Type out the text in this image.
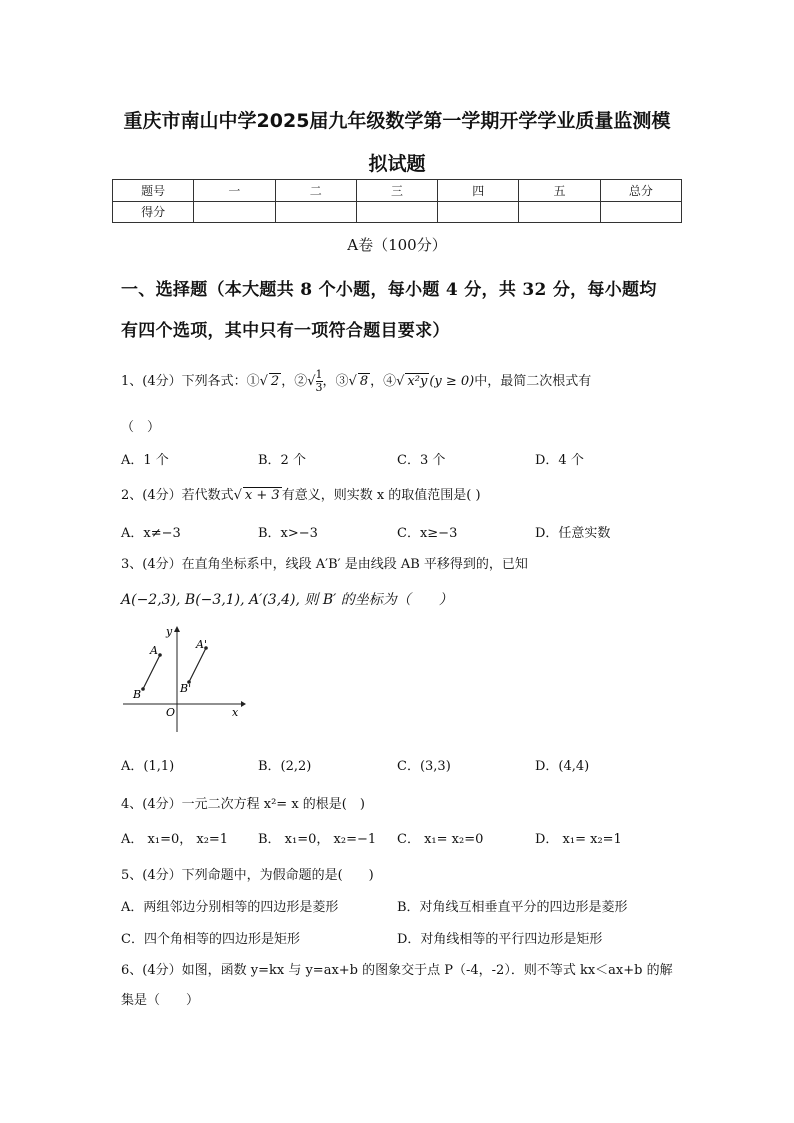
重庆市南山中学2025届九年级数学第一学期开学学业质量监测模
拟试题
题号	一	二	三	四	五	总分
得分						
A卷（100分）
一、选择题（本大题共 8 个小题，每小题 4 分，共 32 分，每小题均
有四个选项，其中只有一项符合题目要求）
1、(4分）下列各式：①√ 2 ，②√ $\frac{1}{3}$ ，③√ 8 ，④√ x²y (y ≥ 0)中，最简二次根式有
（　）
A．1 个	B．2 个	C．3 个	D．4 个
2、(4分）若代数式√ x + 3 有意义，则实数 x 的取值范围是( )
A．x≠−3	B．x>−3	C．x≥−3	D．任意实数
3、(4分）在直角坐标系中，线段 A′B′ 是由线段 AB 平移得到的，已知
A(−2,3), B(−3,1), A′(3,4), 则 B′ 的坐标为（　　）
y
x
O
A
B
A'
B'
A．(1,1)	B．(2,2)	C．(3,3)	D．(4,4)
4、(4分）一元二次方程 x²= x 的根是(　)
A． x₁=0， x₂=1 B． x₁=0， x₂=−1 C． x₁= x₂=0	D． x₁= x₂=1
5、(4分）下列命题中，为假命题的是(　　)
A．两组邻边分别相等的四边形是菱形	B．对角线互相垂直平分的四边形是菱形
C．四个角相等的四边形是矩形	D．对角线相等的平行四边形是矩形
6、(4分）如图，函数 y=kx 与 y=ax+b 的图象交于点 P（-4，-2）．则不等式 kx＜ax+b 的解
集是（　　）
